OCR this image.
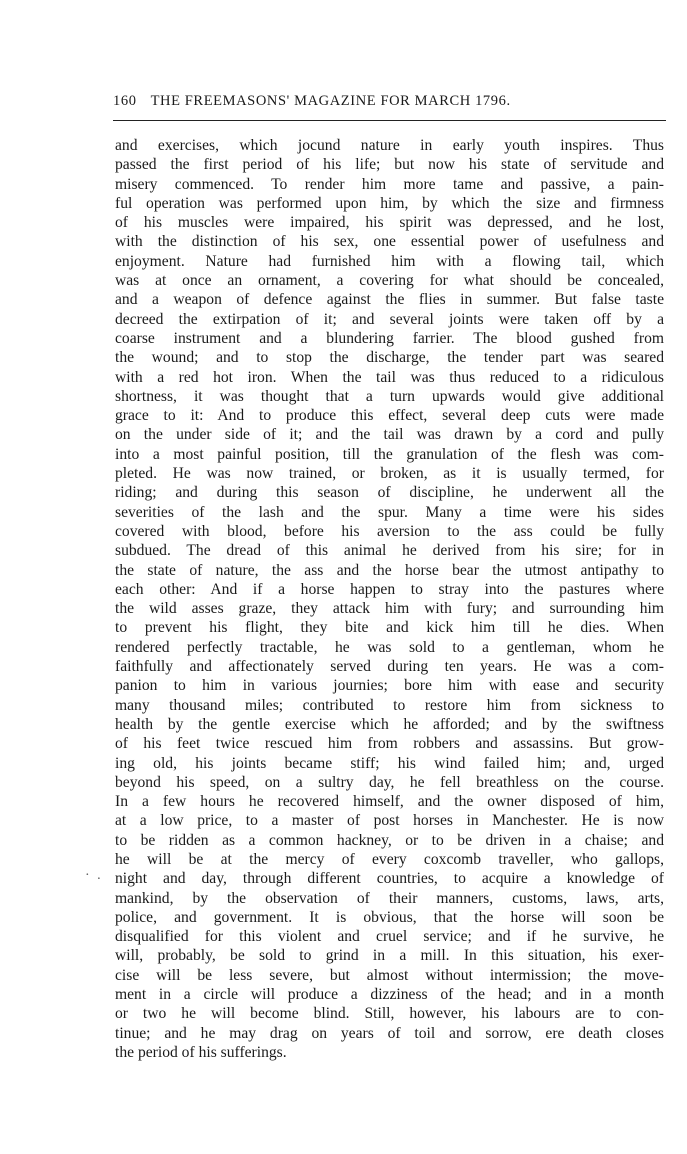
160 THE FREEMASONS' MAGAZINE FOR MARCH 1796.
· .
and exercises, which jocund nature in early youth inspires. Thus
passed the first period of his life; but now his state of servitude and
misery commenced. To render him more tame and passive, a pain-
ful operation was performed upon him, by which the size and firmness
of his muscles were impaired, his spirit was depressed, and he lost,
with the distinction of his sex, one essential power of usefulness and
enjoyment. Nature had furnished him with a flowing tail, which
was at once an ornament, a covering for what should be concealed,
and a weapon of defence against the flies in summer. But false taste
decreed the extirpation of it; and several joints were taken off by a
coarse instrument and a blundering farrier. The blood gushed from
the wound; and to stop the discharge, the tender part was seared
with a red hot iron. When the tail was thus reduced to a ridiculous
shortness, it was thought that a turn upwards would give additional
grace to it: And to produce this effect, several deep cuts were made
on the under side of it; and the tail was drawn by a cord and pully
into a most painful position, till the granulation of the flesh was com-
pleted. He was now trained, or broken, as it is usually termed, for
riding; and during this season of discipline, he underwent all the
severities of the lash and the spur. Many a time were his sides
covered with blood, before his aversion to the ass could be fully
subdued. The dread of this animal he derived from his sire; for in
the state of nature, the ass and the horse bear the utmost antipathy to
each other: And if a horse happen to stray into the pastures where
the wild asses graze, they attack him with fury; and surrounding him
to prevent his flight, they bite and kick him till he dies. When
rendered perfectly tractable, he was sold to a gentleman, whom he
faithfully and affectionately served during ten years. He was a com-
panion to him in various journies; bore him with ease and security
many thousand miles; contributed to restore him from sickness to
health by the gentle exercise which he afforded; and by the swiftness
of his feet twice rescued him from robbers and assassins. But grow-
ing old, his joints became stiff; his wind failed him; and, urged
beyond his speed, on a sultry day, he fell breathless on the course.
In a few hours he recovered himself, and the owner disposed of him,
at a low price, to a master of post horses in Manchester. He is now
to be ridden as a common hackney, or to be driven in a chaise; and
he will be at the mercy of every coxcomb traveller, who gallops,
night and day, through different countries, to acquire a knowledge of
mankind, by the observation of their manners, customs, laws, arts,
police, and government. It is obvious, that the horse will soon be
disqualified for this violent and cruel service; and if he survive, he
will, probably, be sold to grind in a mill. In this situation, his exer-
cise will be less severe, but almost without intermission; the move-
ment in a circle will produce a dizziness of the head; and in a month
or two he will become blind. Still, however, his labours are to con-
tinue; and he may drag on years of toil and sorrow, ere death closes
the period of his sufferings.
